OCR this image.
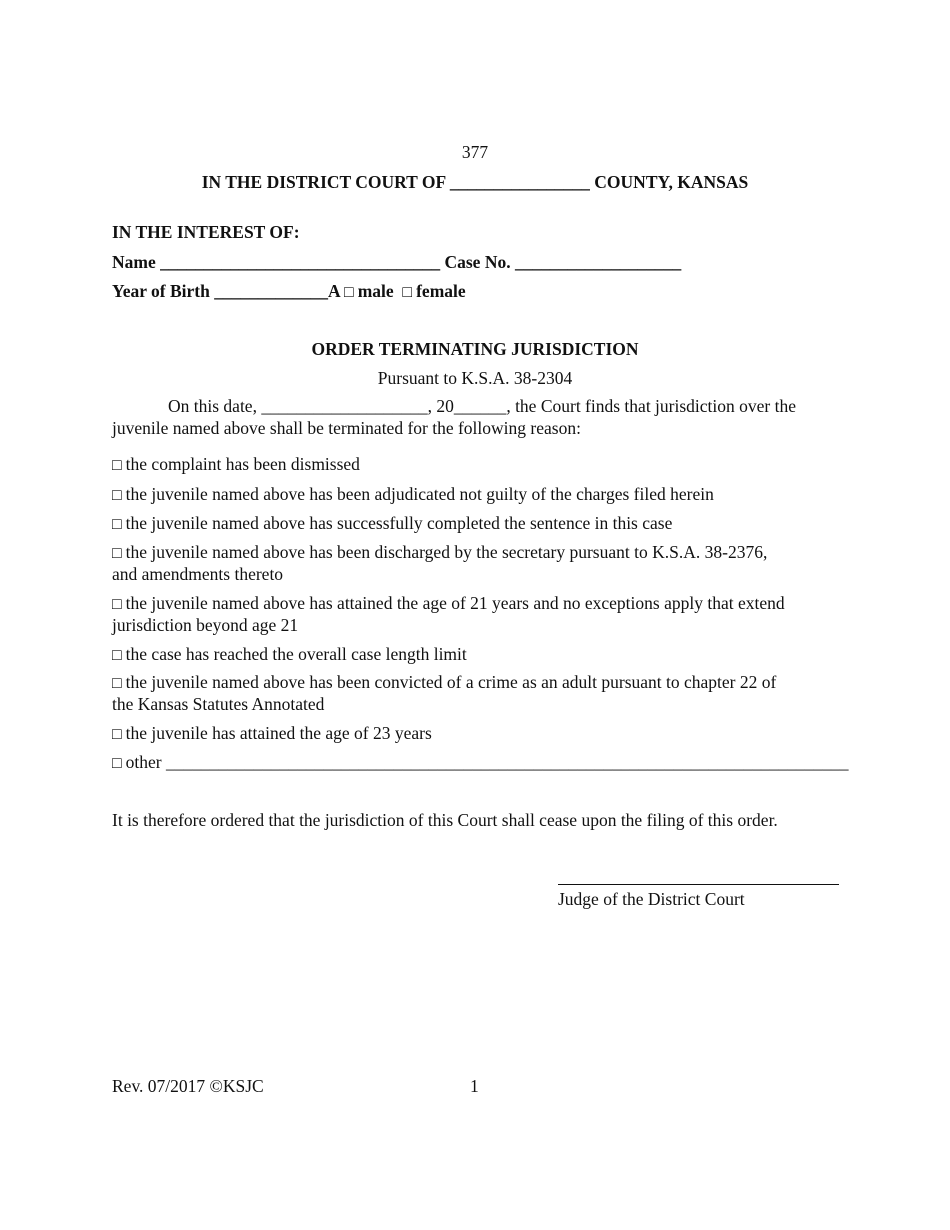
377
IN THE DISTRICT COURT OF ________________ COUNTY, KANSAS
IN THE INTEREST OF:
Name ________________________________ Case No. ___________________
Year of Birth _____________A □ male □ female
ORDER TERMINATING JURISDICTION
Pursuant to K.S.A. 38-2304
On this date, ___________________, 20______, the Court finds that jurisdiction over the
juvenile named above shall be terminated for the following reason:
□ the complaint has been dismissed
□ the juvenile named above has been adjudicated not guilty of the charges filed herein
□ the juvenile named above has successfully completed the sentence in this case
□ the juvenile named above has been discharged by the secretary pursuant to K.S.A. 38-2376,
and amendments thereto
□ the juvenile named above has attained the age of 21 years and no exceptions apply that extend
jurisdiction beyond age 21
□ the case has reached the overall case length limit
□ the juvenile named above has been convicted of a crime as an adult pursuant to chapter 22 of
the Kansas Statutes Annotated
□ the juvenile has attained the age of 23 years
□ other ______________________________________________________________________________
It is therefore ordered that the jurisdiction of this Court shall cease upon the filing of this order.
Judge of the District Court
Rev. 07/2017 ©KSJC	1
